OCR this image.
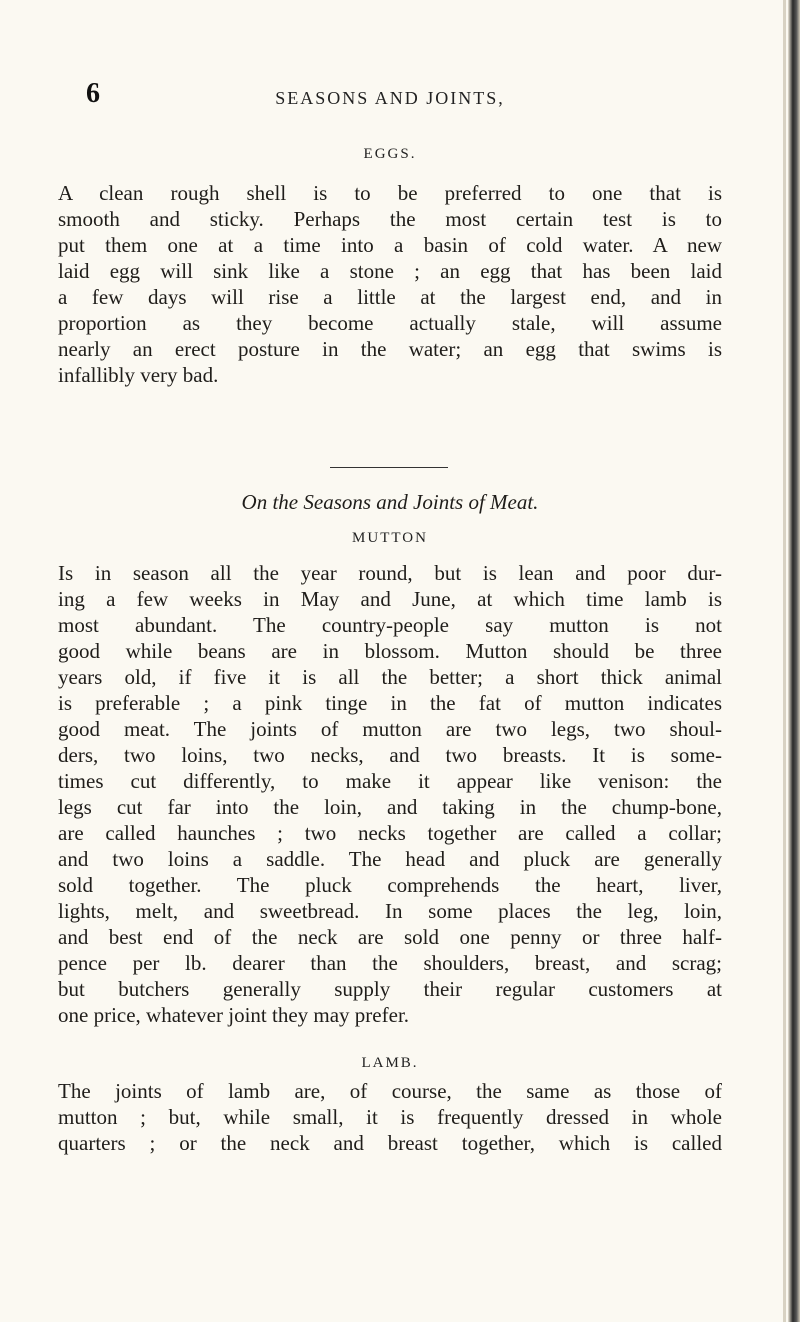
6	SEASONS AND JOINTS,
EGGS.
A clean rough shell is to be preferred to one that is
smooth and sticky. Perhaps the most certain test is to
put them one at a time into a basin of cold water. A new
laid egg will sink like a stone ; an egg that has been laid
a few days will rise a little at the largest end, and in
proportion as they become actually stale, will assume
nearly an erect posture in the water; an egg that swims is
infallibly very bad.
On the Seasons and Joints of Meat.
MUTTON
Is in season all the year round, but is lean and poor dur-
ing a few weeks in May and June, at which time lamb is
most abundant. The country-people say mutton is not
good while beans are in blossom. Mutton should be three
years old, if five it is all the better; a short thick animal
is preferable ; a pink tinge in the fat of mutton indicates
good meat. The joints of mutton are two legs, two shoul-
ders, two loins, two necks, and two breasts. It is some-
times cut differently, to make it appear like venison: the
legs cut far into the loin, and taking in the chump-bone,
are called haunches ; two necks together are called a collar;
and two loins a saddle. The head and pluck are generally
sold together. The pluck comprehends the heart, liver,
lights, melt, and sweetbread. In some places the leg, loin,
and best end of the neck are sold one penny or three half-
pence per lb. dearer than the shoulders, breast, and scrag;
but butchers generally supply their regular customers at
one price, whatever joint they may prefer.
LAMB.
The joints of lamb are, of course, the same as those of
mutton ; but, while small, it is frequently dressed in whole
quarters ; or the neck and breast together, which is called
